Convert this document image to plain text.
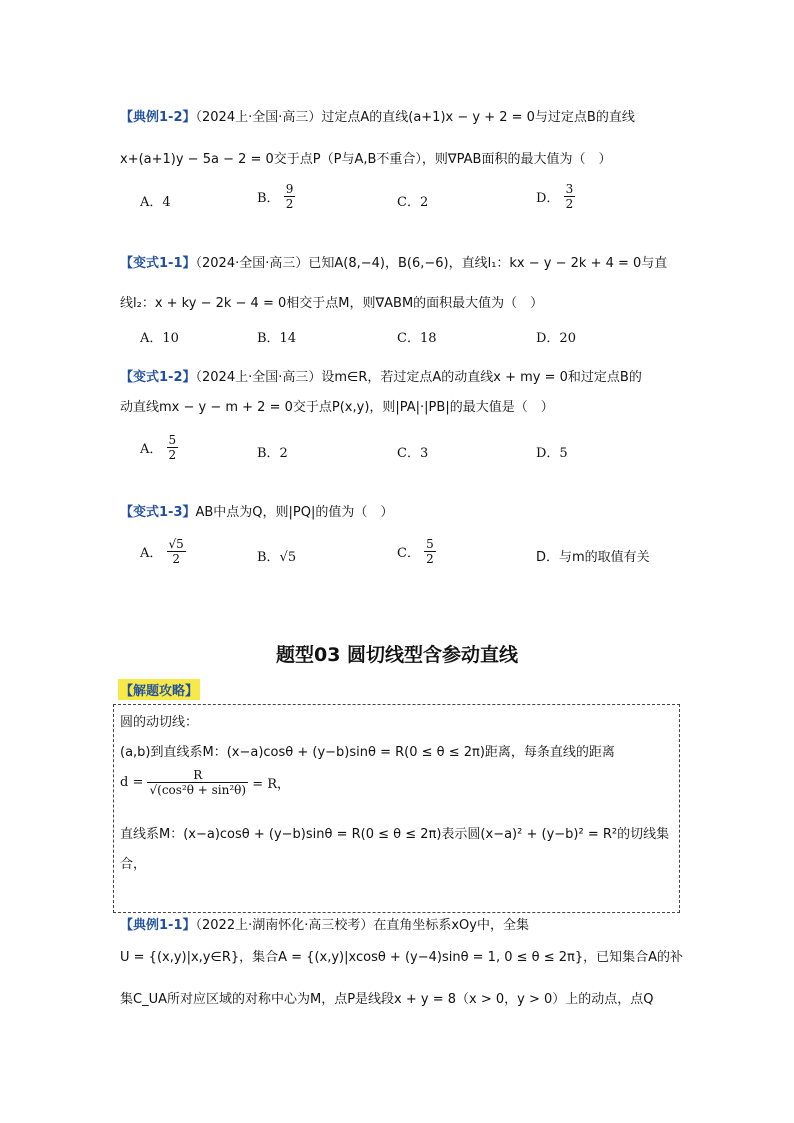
【典例1-2】（2024上·全国·高三）过定点A的直线(a+1)x − y + 2 = 0与过定点B的直线
x+(a+1)y − 5a − 2 = 0交于点P（P与A,B不重合），则∇PAB面积的最大值为（　）
A．4	B． $\frac{9}{2}$	C．2	D． $\frac{3}{2}$
【变式1-1】（2024·全国·高三）已知A(8,−4)，B(6,−6)，直线l₁：kx − y − 2k + 4 = 0与直
线l₂：x + ky − 2k − 4 = 0相交于点M，则∇ABM的面积最大值为（　）
A．10	B．14	C．18	D．20
【变式1-2】（2024上·全国·高三）设m∈R，若过定点A的动直线x + my = 0和过定点B的
动直线mx − y − m + 2 = 0交于点P(x,y)，则|PA|·|PB|的最大值是（　）
A． $\frac{5}{2}$	B．2	C．3	D．5
【变式1-3】AB中点为Q，则|PQ|的值为（　）
A． $\frac{√5}{2}$	B．√5	C． $\frac{5}{2}$	D．与m的取值有关
题型03 圆切线型含参动直线
【解题攻略】
圆的动切线：
(a,b)到直线系M：(x−a)cosθ + (y−b)sinθ = R(0 ≤ θ ≤ 2π)距离，每条直线的距离
$d = \frac{R}{\text{√(cos²θ + sin²θ)}} = R$，
直线系M：(x−a)cosθ + (y−b)sinθ = R(0 ≤ θ ≤ 2π)表示圆(x−a)² + (y−b)² = R²的切线集
合，
【典例1-1】（2022上·湖南怀化·高三校考）在直角坐标系xOy中，全集
U = {(x,y)|x,y∈R}，集合A = {(x,y)|xcosθ + (y−4)sinθ = 1, 0 ≤ θ ≤ 2π}，已知集合A的补
集C_UA所对应区域的对称中心为M，点P是线段x + y = 8（x > 0，y > 0）上的动点，点Q
